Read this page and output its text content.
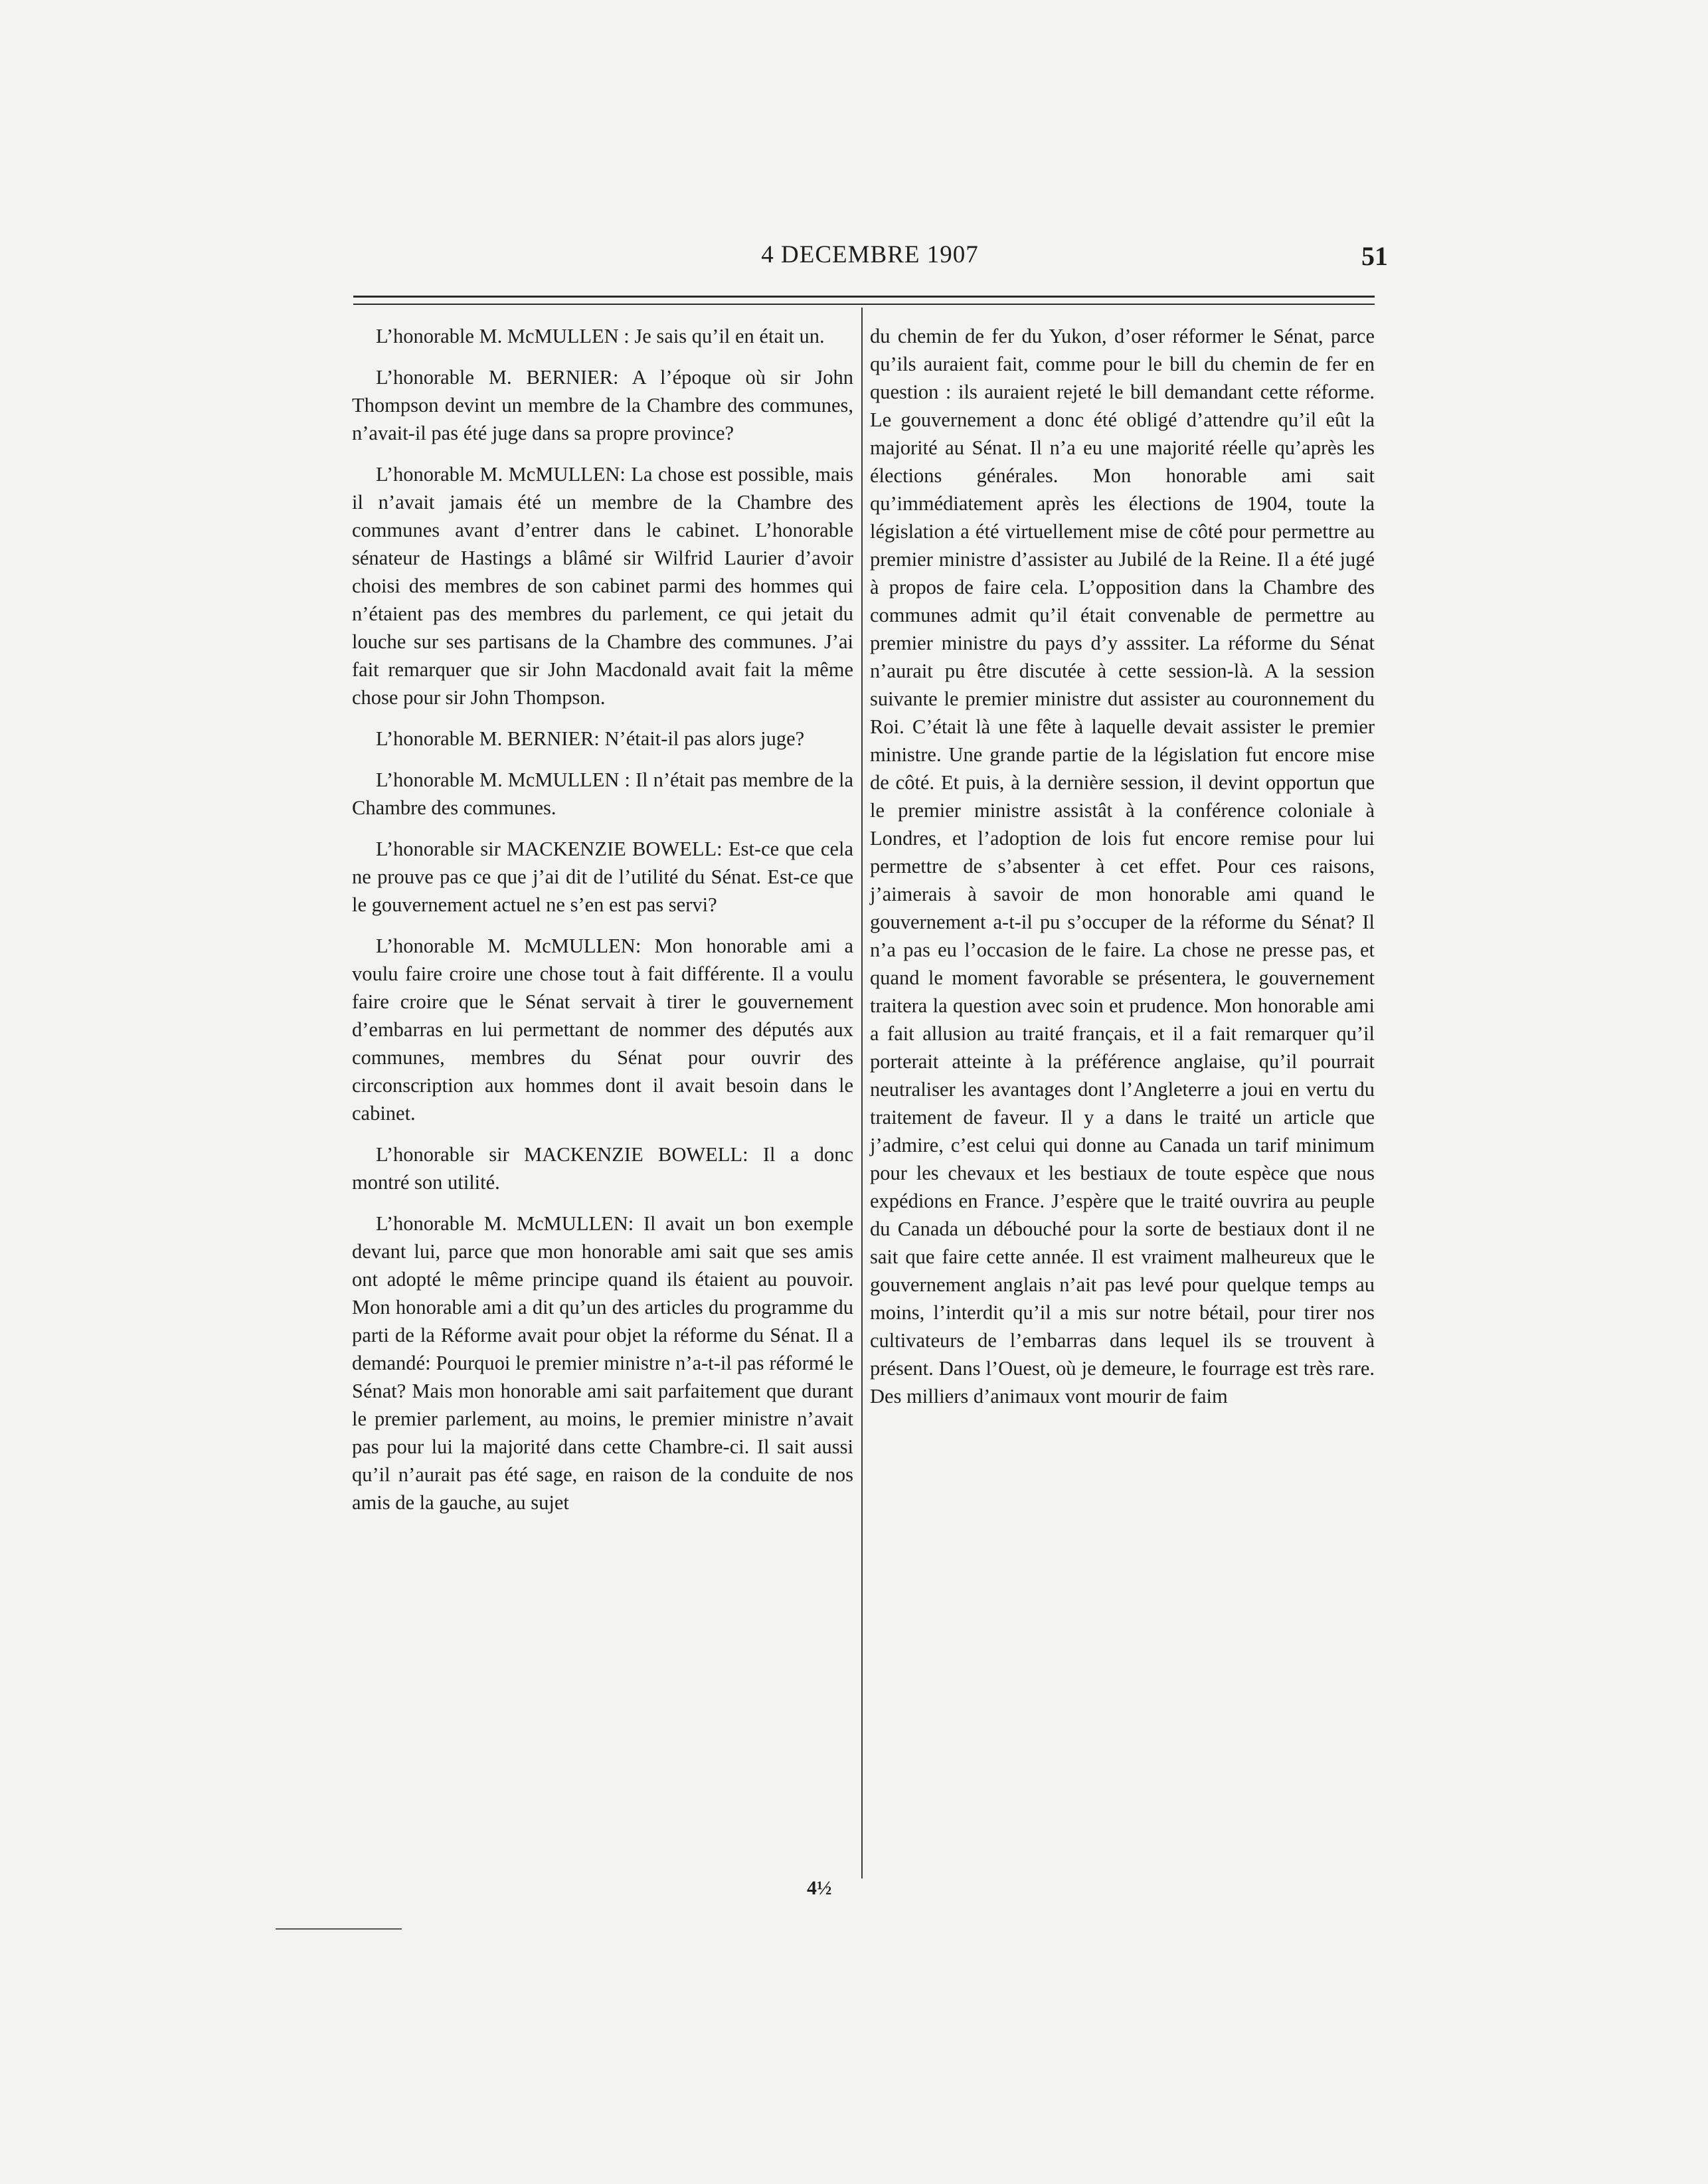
4 DECEMBRE 1907	51

L’honorable M. McMULLEN : Je sais qu’il en était un.

L’honorable M. BERNIER: A l’époque où sir John Thompson devint un membre de la Chambre des communes, n’avait-il pas été juge dans sa propre province?

L’honorable M. McMULLEN: La chose est possible, mais il n’avait jamais été un membre de la Chambre des communes avant d’entrer dans le cabinet. L’honorable sénateur de Hastings a blâmé sir Wilfrid Laurier d’avoir choisi des membres de son cabinet parmi des hommes qui n’étaient pas des membres du parlement, ce qui jetait du louche sur ses partisans de la Chambre des communes. J’ai fait remarquer que sir John Macdonald avait fait la même chose pour sir John Thompson.

L’honorable M. BERNIER: N’était-il pas alors juge?

L’honorable M. McMULLEN : Il n’était pas membre de la Chambre des communes.

L’honorable sir MACKENZIE BOWELL: Est-ce que cela ne prouve pas ce que j’ai dit de l’utilité du Sénat. Est-ce que le gouvernement actuel ne s’en est pas servi?

L’honorable M. McMULLEN: Mon honorable ami a voulu faire croire une chose tout à fait différente. Il a voulu faire croire que le Sénat servait à tirer le gouvernement d’embarras en lui permettant de nommer des députés aux communes, membres du Sénat pour ouvrir des circonscription aux hommes dont il avait besoin dans le cabinet.

L’honorable sir MACKENZIE BOWELL: Il a donc montré son utilité.

L’honorable M. McMULLEN: Il avait un bon exemple devant lui, parce que mon honorable ami sait que ses amis ont adopté le même principe quand ils étaient au pouvoir. Mon honorable ami a dit qu’un des articles du programme du parti de la Réforme avait pour objet la réforme du Sénat. Il a demandé: Pourquoi le premier ministre n’a-t-il pas réformé le Sénat? Mais mon honorable ami sait parfaitement que durant le premier parlement, au moins, le premier ministre n’avait pas pour lui la majorité dans cette Chambre-ci. Il sait aussi qu’il n’aurait pas été sage, en raison de la conduite de nos amis de la gauche, au sujet

du chemin de fer du Yukon, d’oser réformer le Sénat, parce qu’ils auraient fait, comme pour le bill du chemin de fer en question : ils auraient rejeté le bill demandant cette réforme. Le gouvernement a donc été obligé d’attendre qu’il eût la majorité au Sénat. Il n’a eu une majorité réelle qu’après les élections générales. Mon honorable ami sait qu’immédiatement après les élections de 1904, toute la législation a été virtuellement mise de côté pour permettre au premier ministre d’assister au Jubilé de la Reine. Il a été jugé à propos de faire cela. L’opposition dans la Chambre des communes admit qu’il était convenable de permettre au premier ministre du pays d’y asssiter. La réforme du Sénat n’aurait pu être discutée à cette session-là. A la session suivante le premier ministre dut assister au couronnement du Roi. C’était là une fête à laquelle devait assister le premier ministre. Une grande partie de la législation fut encore mise de côté. Et puis, à la dernière session, il devint opportun que le premier ministre assistât à la conférence coloniale à Londres, et l’adoption de lois fut encore remise pour lui permettre de s’absenter à cet effet. Pour ces raisons, j’aimerais à savoir de mon honorable ami quand le gouvernement a-t-il pu s’occuper de la réforme du Sénat? Il n’a pas eu l’occasion de le faire. La chose ne presse pas, et quand le moment favorable se présentera, le gouvernement traitera la question avec soin et prudence. Mon honorable ami a fait allusion au traité français, et il a fait remarquer qu’il porterait atteinte à la préférence anglaise, qu’il pourrait neutraliser les avantages dont l’Angleterre a joui en vertu du traitement de faveur. Il y a dans le traité un article que j’admire, c’est celui qui donne au Canada un tarif minimum pour les chevaux et les bestiaux de toute espèce que nous expédions en France. J’espère que le traité ouvrira au peuple du Canada un débouché pour la sorte de bestiaux dont il ne sait que faire cette année. Il est vraiment malheureux que le gouvernement anglais n’ait pas levé pour quelque temps au moins, l’interdit qu’il a mis sur notre bétail, pour tirer nos cultivateurs de l’embarras dans lequel ils se trouvent à présent. Dans l’Ouest, où je demeure, le fourrage est très rare. Des milliers d’animaux vont mourir de faim

4½
